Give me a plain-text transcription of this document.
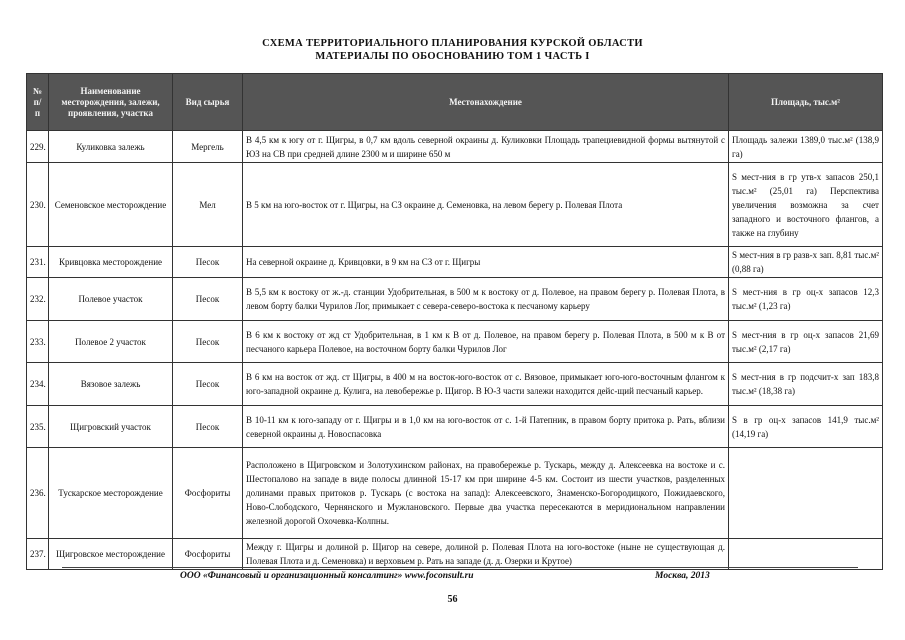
СХЕМА ТЕРРИТОРИАЛЬНОГО ПЛАНИРОВАНИЯ КУРСКОЙ ОБЛАСТИ
МАТЕРИАЛЫ ПО ОБОСНОВАНИЮ ТОМ 1 ЧАСТЬ I
№ п/ п	Наименование месторождения, залежи, проявления, участка	Вид сырья	Местонахождение	Площадь, тыс.м²
229.	Куликовка залежь	Мергель	В 4,5 км к югу от г. Щигры, в 0,7 км вдоль северной окраины д. Куликовки Площадь трапециевидной формы вытянутой с ЮЗ на СВ при средней длине 2300 м и ширине 650 м	Площадь залежи 1389,0 тыс.м² (138,9 га)
230.	Семеновское месторождение	Мел	В 5 км на юго-восток от г. Щигры, на СЗ окраине д. Семеновка, на левом берегу р. Полевая Плота	S мест-ния в гр утв-х запасов 250,1 тыс.м² (25,01 га) Перспектива увеличения возможна за счет западного и восточного флангов, а также на глубину
231.	Кривцовка месторождение	Песок	На северной окраине д. Кривцовки, в 9 км на СЗ от г. Щигры	S мест-ния в гр разв-х зап. 8,81 тыс.м² (0,88 га)
232.	Полевое участок	Песок	В 5,5 км к востоку от ж.-д. станции Удобрительная, в 500 м к востоку от д. Полевое, на правом берегу р. Полевая Плота, в левом борту балки Чурилов Лог, примыкает с севера-северо-востока к песчаному карьеру	S мест-ния в гр оц-х запасов 12,3 тыс.м² (1,23 га)
233.	Полевое 2 участок	Песок	В 6 км к востоку от жд ст Удобрительная, в 1 км к В от д. Полевое, на правом берегу р. Полевая Плота, в 500 м к В от песчаного карьера Полевое, на восточном борту балки Чурилов Лог	S мест-ния в гр оц-х запасов 21,69 тыс.м² (2,17 га)
234.	Вязовое залежь	Песок	В 6 км на восток от жд. ст Щигры, в 400 м на восток-юго-восток от с. Вязовое, примыкает юго-юго-восточным флангом к юго-западной окраине д. Кулига, на левобережье р. Щигор. В Ю-З части залежи находится дейс-щий песчаный карьер.	S мест-ния в гр подсчит-х зап 183,8 тыс.м² (18,38 га)
235.	Щигровский участок	Песок	В 10-11 км к юго-западу от г. Щигры и в 1,0 км на юго-восток от с. 1-й Патепник, в правом борту притока р. Рать, вблизи северной окраины д. Новоспасовка	S в гр оц-х запасов 141,9 тыс.м² (14,19 га)
236.	Тускарское месторождение	Фосфориты	Расположено в Щигровском и Золотухинском районах, на правобережье р. Тускарь, между д. Алексеевка на востоке и с. Шестопалово на западе в виде полосы длинной 15-17 км при ширине 4-5 км. Состоит из шести участков, разделенных долинами правых притоков р. Тускарь (с востока на запад): Алексеевского, Знаменско-Богородицкого, Пожидаевского, Ново-Слободского, Чернянского и Мужлановского. Первые два участка пересекаются в меридиональном направлении железной дорогой Охочевка-Колпны.	
237.	Щигровское месторождение	Фосфориты	Между г. Щигры и долиной р. Щигор на севере, долиной р. Полевая Плота на юго-востоке (ныне не существующая д. Полевая Плота и д. Семеновка) и верховьем р. Рать на западе (д. д. Озерки и Крутое)	
ООО «Финансовый и организационный консалтинг» www.foconsult.ru	Москва, 2013
56
